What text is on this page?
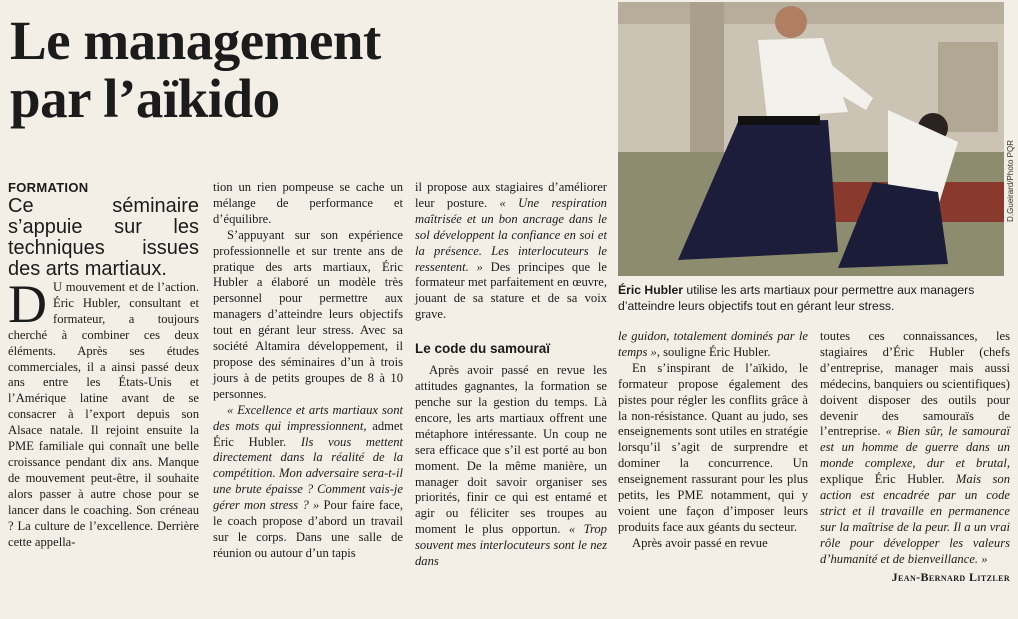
Le management
par l’aïkido
FORMATION
Ce séminaire s’appuie sur les techniques issues des arts martiaux.

D U mouvement et de l’action. Éric Hubler, consultant et formateur, a toujours cherché à combiner ces deux éléments. Après ses études commerciales, il a ainsi passé deux ans entre les États-Unis et l’Amérique latine avant de se consacrer à l’export depuis son Alsace natale. Il rejoint ensuite la PME familiale qui connaît une belle croissance pendant dix ans. Manque de mouvement peut-être, il souhaite alors passer à autre chose pour se lancer dans le coaching. Son créneau ? La culture de l’excellence. Derrière cette appella-

tion un rien pompeuse se cache un mélange de performance et d’équilibre.

S’appuyant sur son expérience professionnelle et sur trente ans de pratique des arts martiaux, Éric Hubler a élaboré un modèle très personnel pour permettre aux managers d’atteindre leurs objectifs tout en gérant leur stress. Avec sa société Altamira développement, il propose des séminaires d’un à trois jours à de petits groupes de 8 à 10 personnes.

« Excellence et arts martiaux sont des mots qui impressionnent, admet Éric Hubler. Ils vous mettent directement dans la réalité de la compétition. Mon adversaire sera-t-il une brute épaisse ? Comment vais-je gérer mon stress ? » Pour faire face, le coach propose d’abord un travail sur le corps. Dans une salle de réunion ou autour d’un tapis

il propose aux stagiaires d’améliorer leur posture. « Une respiration maîtrisée et un bon ancrage dans le sol développent la confiance en soi et la présence. Les interlocuteurs le ressentent. » Des principes que le formateur met parfaitement en œuvre, jouant de sa stature et de sa voix grave.

Le code du samouraï

Après avoir passé en revue les attitudes gagnantes, la formation se penche sur la gestion du temps. Là encore, les arts martiaux offrent une métaphore intéressante. Un coup ne sera efficace que s’il est porté au bon moment. De la même manière, un manager doit savoir organiser ses priorités, finir ce qui est entamé et agir ou féliciter ses troupes au moment le plus opportun. « Trop souvent mes interlocuteurs sont le nez dans

D.Gueirard/Photo PQR
Éric Hubler utilise les arts martiaux pour permettre aux managers d’atteindre leurs objectifs tout en gérant leur stress.

le guidon, totalement dominés par le temps », souligne Éric Hubler.

En s’inspirant de l’aïkido, le formateur propose également des pistes pour régler les conflits grâce à la non-résistance. Quant au judo, ses enseignements sont utiles en stratégie lorsqu’il s’agit de surprendre et dominer la concurrence. Un enseignement rassurant pour les plus petits, les PME notamment, qui y voient une façon d’imposer leurs produits face aux géants du secteur.

Après avoir passé en revue

toutes ces connaissances, les stagiaires d’Éric Hubler (chefs d’entreprise, manager mais aussi médecins, banquiers ou scientifiques) doivent disposer des outils pour devenir des samouraïs de l’entreprise. « Bien sûr, le samouraï est un homme de guerre dans un monde complexe, dur et brutal, explique Éric Hubler. Mais son action est encadrée par un code strict et il travaille en permanence sur la maîtrise de la peur. Il a un vrai rôle pour développer les valeurs d’humanité et de bienveillance. »

Jean-Bernard Litzler
